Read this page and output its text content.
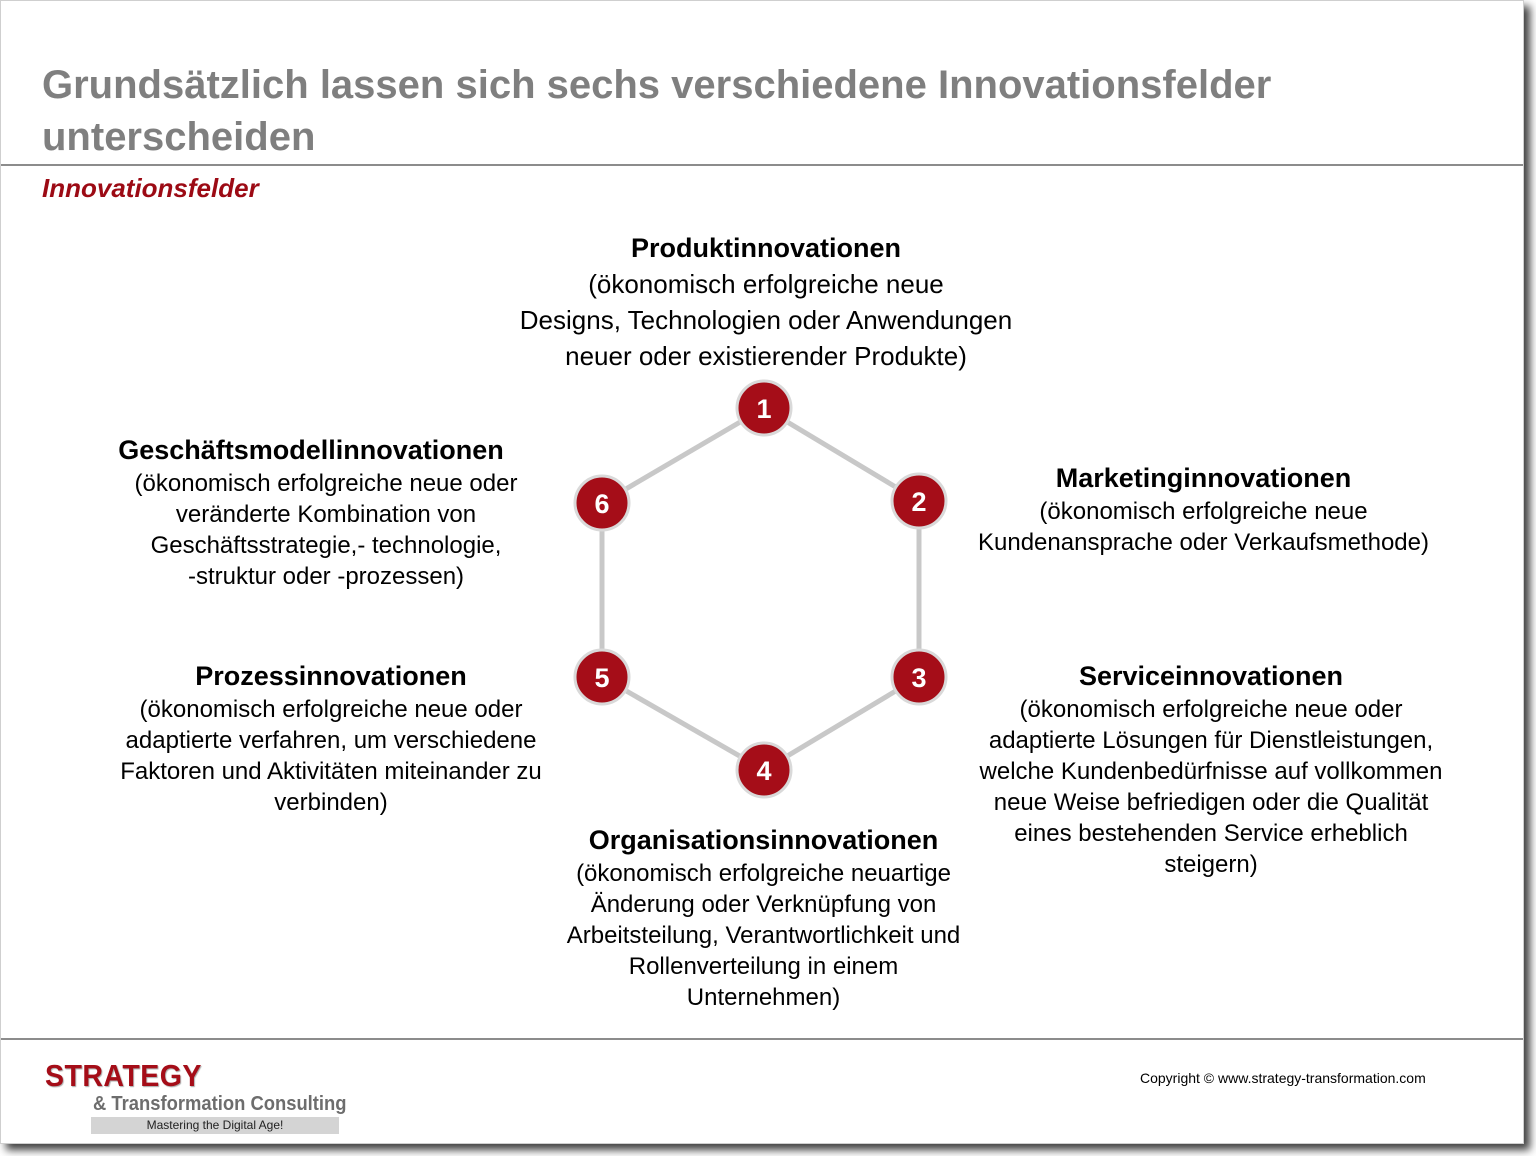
Grundsätzlich lassen sich sechs verschiedene Innovationsfelder unterscheiden
Innovationsfelder
1
2
3
4
5
6
Produktinnovationen
(ökonomisch erfolgreiche neue
Designs, Technologien oder Anwendungen
neuer oder existierender Produkte)
Marketinginnovationen
(ökonomisch erfolgreiche neue
Kundenansprache oder Verkaufsmethode)
Serviceinnovationen
(ökonomisch erfolgreiche neue oder
adaptierte Lösungen für Dienstleistungen,
welche Kundenbedürfnisse auf vollkommen
neue Weise befriedigen oder die Qualität
eines bestehenden Service erheblich
steigern)
Organisationsinnovationen
(ökonomisch erfolgreiche neuartige
Änderung oder Verknüpfung von
Arbeitsteilung, Verantwortlichkeit und
Rollenverteilung in einem
Unternehmen)
Prozessinnovationen
(ökonomisch erfolgreiche neue oder
adaptierte verfahren, um verschiedene
Faktoren und Aktivitäten miteinander zu
verbinden)
Geschäftsmodellinnovationen
(ökonomisch erfolgreiche neue oder
veränderte Kombination von
Geschäftsstrategie,- technologie,
-struktur oder -prozessen)
STRATEGY
& Transformation Consulting
Mastering the Digital Age!
Copyright © www.strategy-transformation.com
